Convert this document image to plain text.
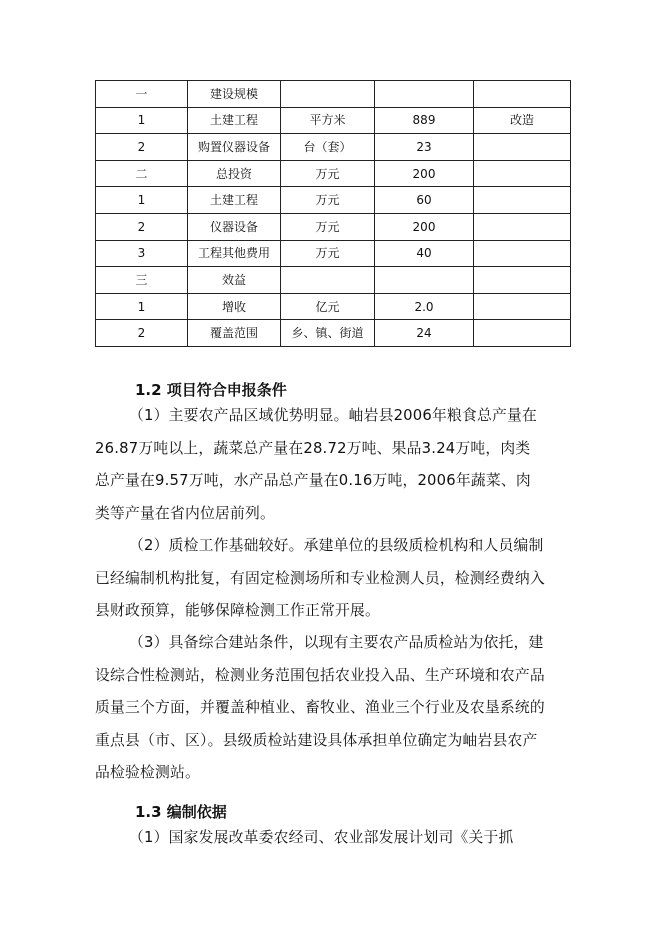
一	建设规模			
1	土建工程	平方米	889	改造
2	购置仪器设备	台（套）	23	
二	总投资	万元	200	
1	土建工程	万元	60	
2	仪器设备	万元	200	
3	工程其他费用	万元	40	
三	效益			
1	增收	亿元	2.0	
2	覆盖范围	乡、镇、街道	24	
1.2 项目符合申报条件

（1）主要农产品区域优势明显。岫岩县2006年粮食总产量在26.87万吨以上，蔬菜总产量在28.72万吨、果品3.24万吨，肉类总产量在9.57万吨，水产品总产量在0.16万吨，2006年蔬菜、肉类等产量在省内位居前列。

（2）质检工作基础较好。承建单位的县级质检机构和人员编制已经编制机构批复，有固定检测场所和专业检测人员，检测经费纳入县财政预算，能够保障检测工作正常开展。

（3）具备综合建站条件，以现有主要农产品质检站为依托，建设综合性检测站，检测业务范围包括农业投入品、生产环境和农产品质量三个方面，并覆盖种植业、畜牧业、渔业三个行业及农垦系统的重点县（市、区）。县级质检站建设具体承担单位确定为岫岩县农产品检验检测站。

1.3 编制依据

（1）国家发展改革委农经司、农业部发展计划司《关于抓
